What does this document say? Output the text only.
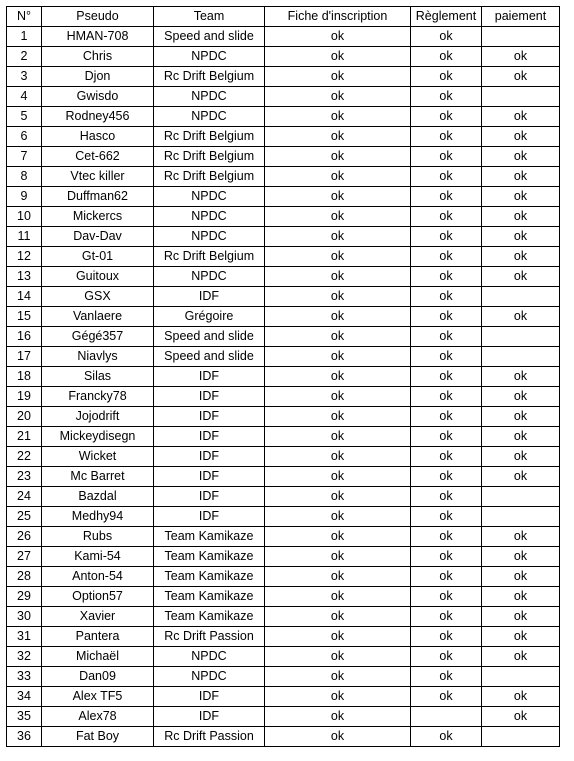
N°	Pseudo	Team	Fiche d'inscription	Règlement	paiement
1	HMAN-708	Speed and slide	ok	ok	
2	Chris	NPDC	ok	ok	ok
3	Djon	Rc Drift Belgium	ok	ok	ok
4	Gwisdo	NPDC	ok	ok	
5	Rodney456	NPDC	ok	ok	ok
6	Hasco	Rc Drift Belgium	ok	ok	ok
7	Cet-662	Rc Drift Belgium	ok	ok	ok
8	Vtec killer	Rc Drift Belgium	ok	ok	ok
9	Duffman62	NPDC	ok	ok	ok
10	Mickercs	NPDC	ok	ok	ok
11	Dav-Dav	NPDC	ok	ok	ok
12	Gt-01	Rc Drift Belgium	ok	ok	ok
13	Guitoux	NPDC	ok	ok	ok
14	GSX	IDF	ok	ok	
15	Vanlaere	Grégoire	ok	ok	ok
16	Gégé357	Speed and slide	ok	ok	
17	Niavlys	Speed and slide	ok	ok	
18	Silas	IDF	ok	ok	ok
19	Francky78	IDF	ok	ok	ok
20	Jojodrift	IDF	ok	ok	ok
21	Mickeydisegn	IDF	ok	ok	ok
22	Wicket	IDF	ok	ok	ok
23	Mc Barret	IDF	ok	ok	ok
24	Bazdal	IDF	ok	ok	
25	Medhy94	IDF	ok	ok	
26	Rubs	Team Kamikaze	ok	ok	ok
27	Kami-54	Team Kamikaze	ok	ok	ok
28	Anton-54	Team Kamikaze	ok	ok	ok
29	Option57	Team Kamikaze	ok	ok	ok
30	Xavier	Team Kamikaze	ok	ok	ok
31	Pantera	Rc Drift Passion	ok	ok	ok
32	Michaël	NPDC	ok	ok	ok
33	Dan09	NPDC	ok	ok	
34	Alex TF5	IDF	ok	ok	ok
35	Alex78	IDF	ok		ok
36	Fat Boy	Rc Drift Passion	ok	ok	
